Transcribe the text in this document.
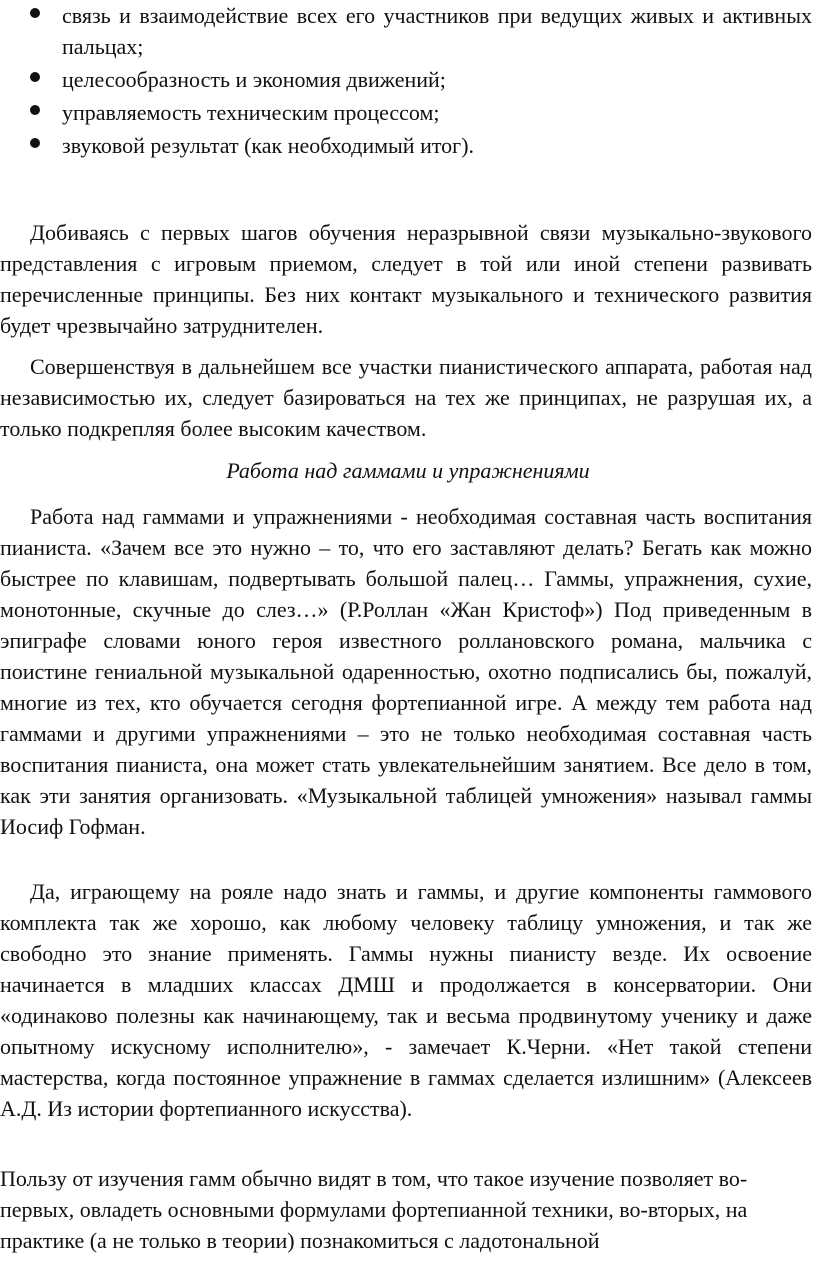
связь и взаимодействие всех его участников при ведущих живых и активных пальцах;
целесообразность и экономия движений;
управляемость техническим процессом;
звуковой результат (как необходимый итог).

Добиваясь с первых шагов обучения неразрывной связи музыкально-звукового представления с игровым приемом, следует в той или иной степени развивать перечисленные принципы. Без них контакт музыкального и технического развития будет чрезвычайно затруднителен.

Совершенствуя в дальнейшем все участки пианистического аппарата, работая над независимостью их, следует базироваться на тех же принципах, не разрушая их, а только подкрепляя более высоким качеством.

Работа над гаммами и упражнениями

Работа над гаммами и упражнениями - необходимая составная часть воспитания пианиста. «Зачем все это нужно – то, что его заставляют делать? Бегать как можно быстрее по клавишам, подвертывать большой палец… Гаммы, упражнения, сухие, монотонные, скучные до слез…» (Р.Роллан «Жан Кристоф») Под приведенным в эпиграфе словами юного героя известного роллановского романа, мальчика с поистине гениальной музыкальной одаренностью, охотно подписались бы, пожалуй, многие из тех, кто обучается сегодня фортепианной игре. А между тем работа над гаммами и другими упражнениями – это не только необходимая составная часть воспитания пианиста, она может стать увлекательнейшим занятием. Все дело в том, как эти занятия организовать. «Музыкальной таблицей умножения» называл гаммы Иосиф Гофман.

Да, играющему на рояле надо знать и гаммы, и другие компоненты гаммового комплекта так же хорошо, как любому человеку таблицу умножения, и так же свободно это знание применять. Гаммы нужны пианисту везде. Их освоение начинается в младших классах ДМШ и продолжается в консерватории. Они «одинаково полезны как начинающему, так и весьма продвинутому ученику и даже опытному искусному исполнителю», - замечает К.Черни. «Нет такой степени мастерства, когда постоянное упражнение в гаммах сделается излишним» (Алексеев А.Д. Из истории фортепианного искусства).

Пользу от изучения гамм обычно видят в том, что такое изучение позволяет во-первых, овладеть основными формулами фортепианной техники, во-вторых, на практике (а не только в теории) познакомиться с ладотональной
